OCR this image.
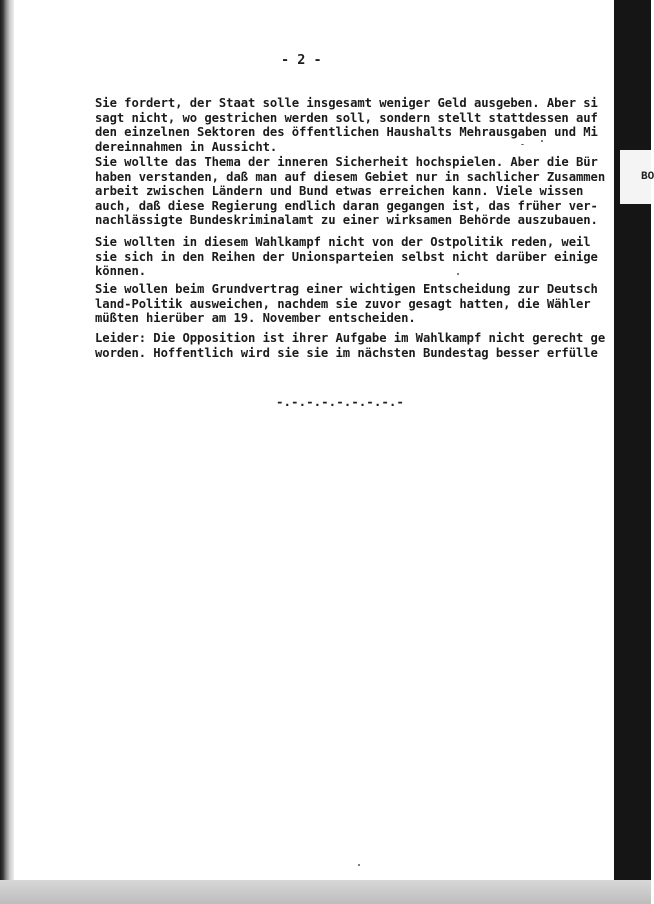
BO
- 2 -
Sie fordert, der Staat solle insgesamt weniger Geld ausgeben. Aber si
sagt nicht, wo gestrichen werden soll, sondern stellt stattdessen auf
den einzelnen Sektoren des öffentlichen Haushalts Mehrausgaben und Mi
dereinnahmen in Aussicht.
Sie wollte das Thema der inneren Sicherheit hochspielen. Aber die Bür
haben verstanden, daß man auf diesem Gebiet nur in sachlicher Zusammen
arbeit zwischen Ländern und Bund etwas erreichen kann. Viele wissen
auch, daß diese Regierung endlich daran gegangen ist, das früher ver-
nachlässigte Bundeskriminalamt zu einer wirksamen Behörde auszubauen.
Sie wollten in diesem Wahlkampf nicht von der Ostpolitik reden, weil
sie sich in den Reihen der Unionsparteien selbst nicht darüber einige
können.
Sie wollen beim Grundvertrag einer wichtigen Entscheidung zur Deutsch
land-Politik ausweichen, nachdem sie zuvor gesagt hatten, die Wähler
müßten hierüber am 19. November entscheiden.
Leider: Die Opposition ist ihrer Aufgabe im Wahlkampf nicht gerecht ge
worden. Hoffentlich wird sie sie im nächsten Bundestag besser erfülle
-.-.-.-.-.-.-.-.-
